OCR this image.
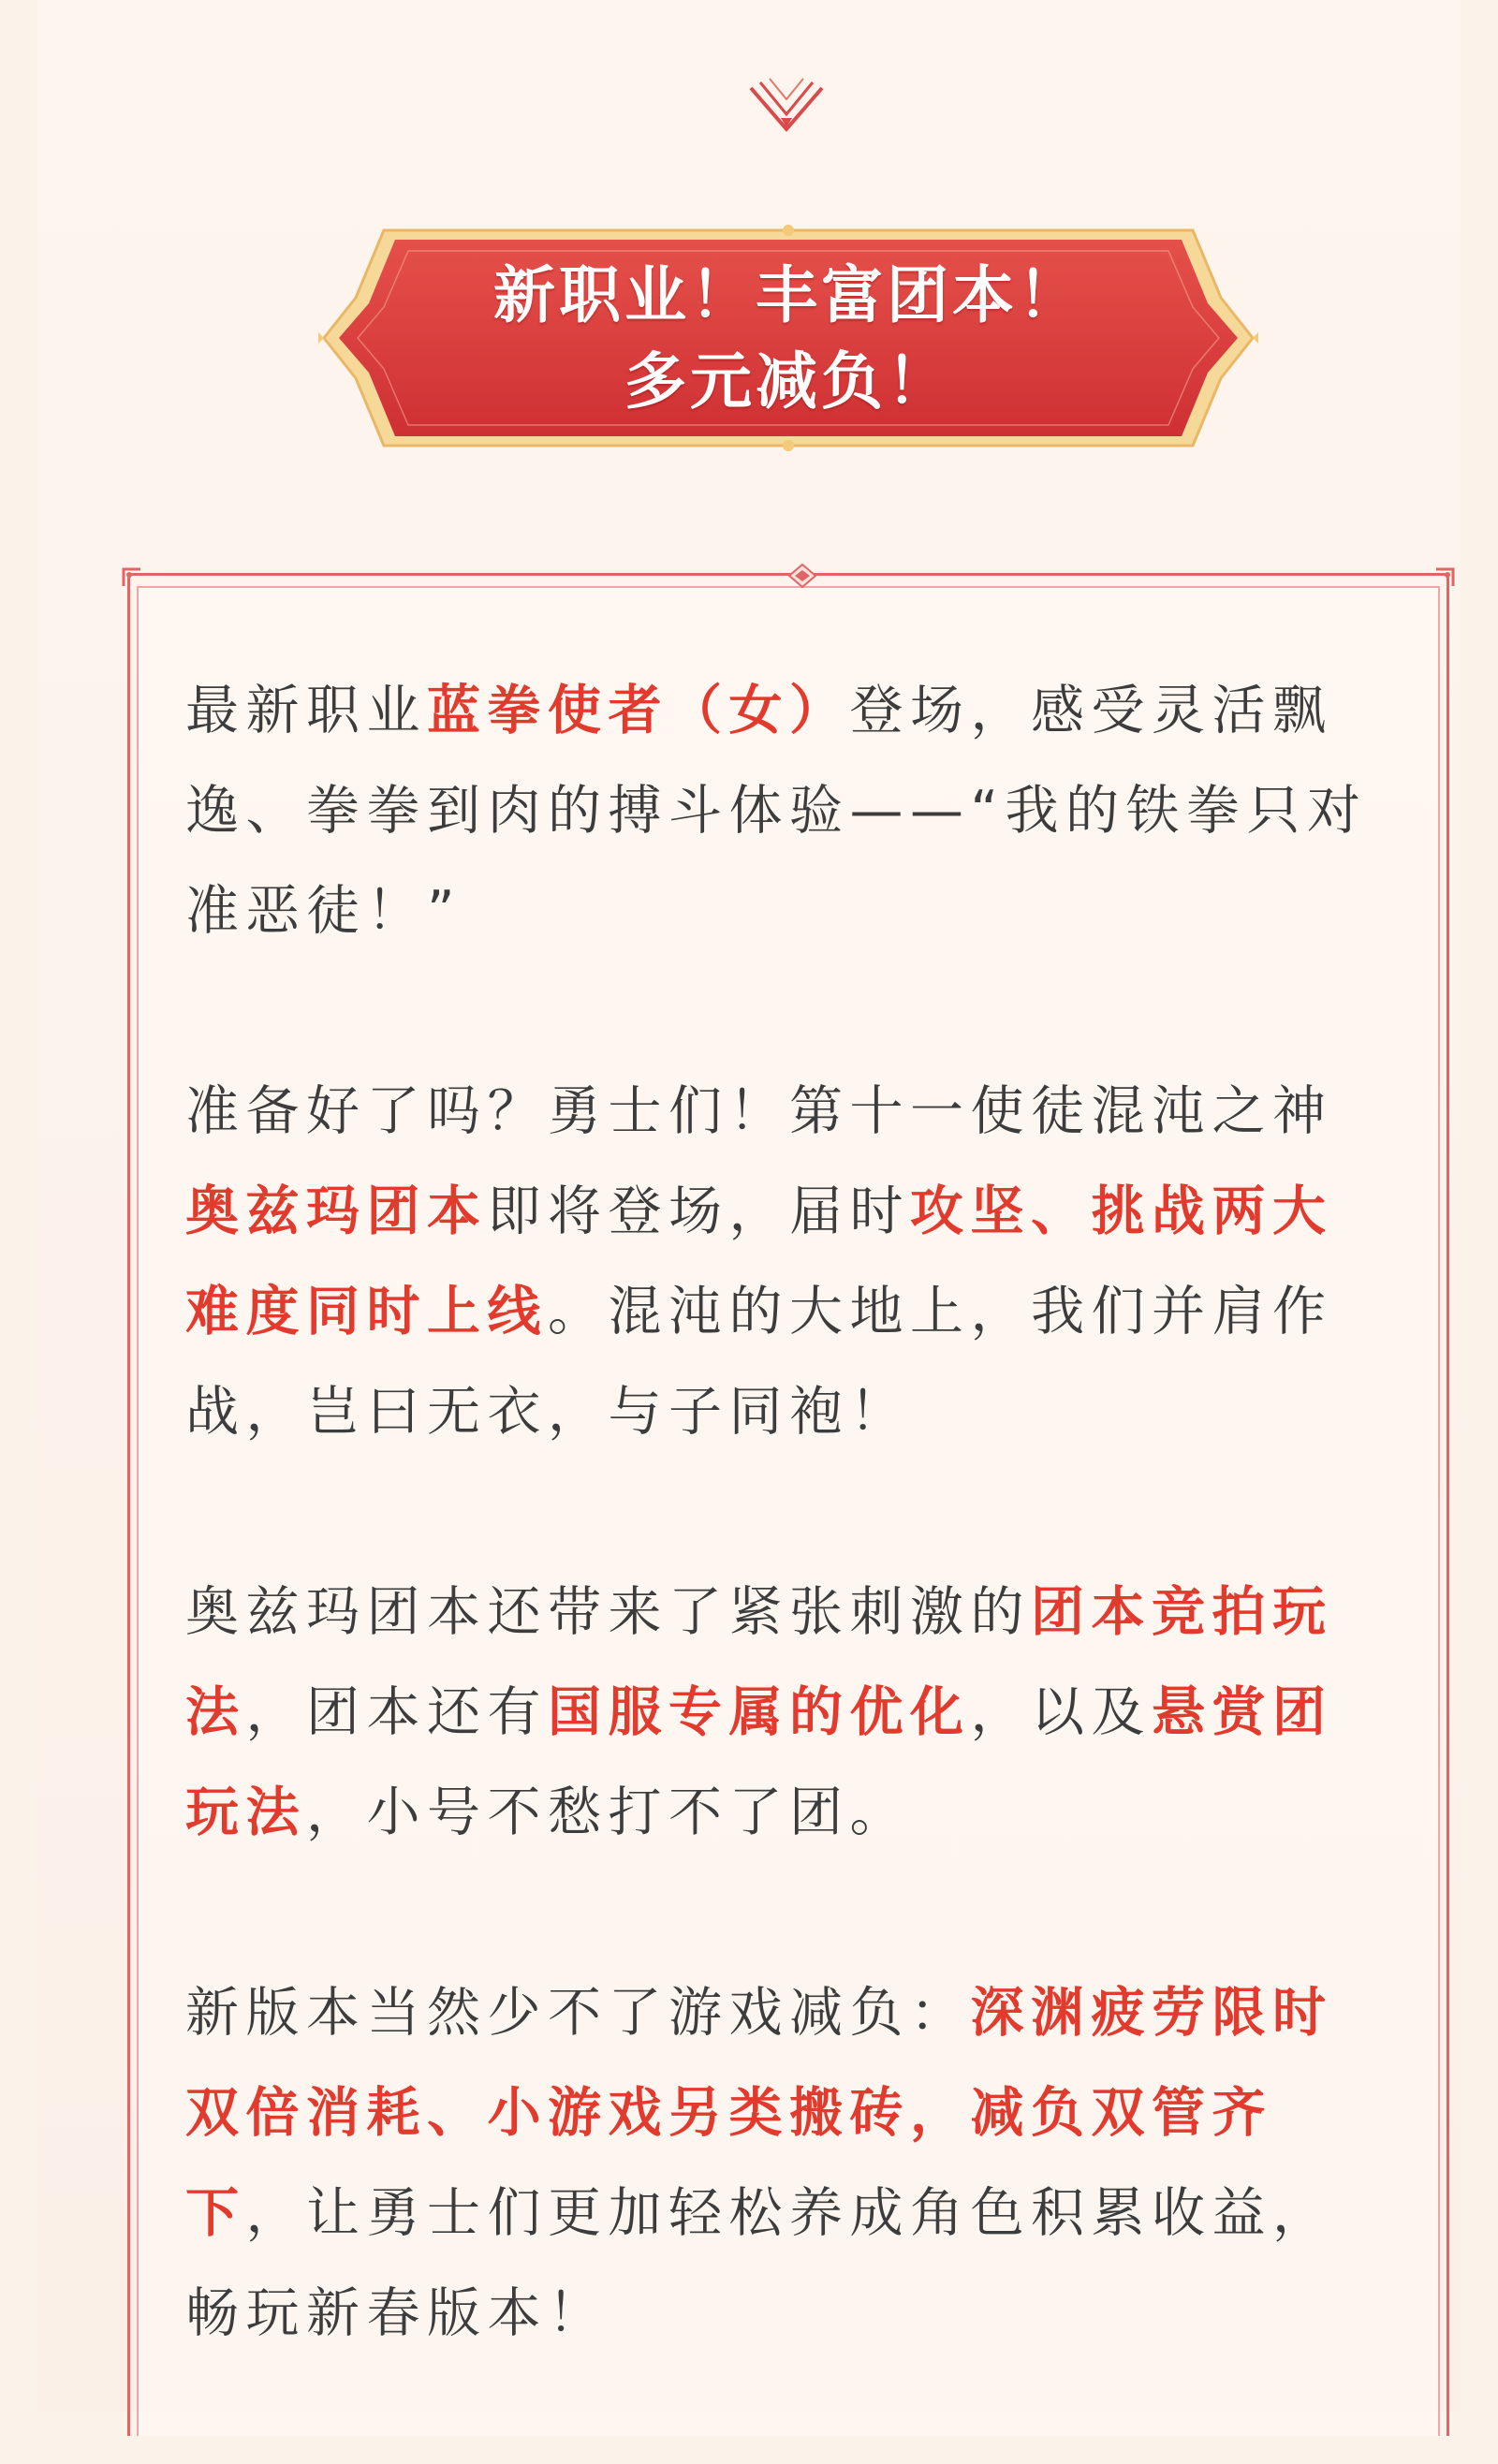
新职业！丰富团本！
多元减负！

最新职业蓝拳使者（女）登场，感受灵活飘逸、拳拳到肉的搏斗体验——“我的铁拳只对准恶徒！”

准备好了吗？勇士们！第十一使徒混沌之神奥兹玛团本即将登场，届时攻坚、挑战两大难度同时上线。混沌的大地上，我们并肩作战，岂曰无衣，与子同袍！

奥兹玛团本还带来了紧张刺激的团本竞拍玩法，团本还有国服专属的优化，以及悬赏团玩法，小号不愁打不了团。

新版本当然少不了游戏减负：深渊疲劳限时双倍消耗、小游戏另类搬砖，减负双管齐下，让勇士们更加轻松养成角色积累收益，畅玩新春版本！
